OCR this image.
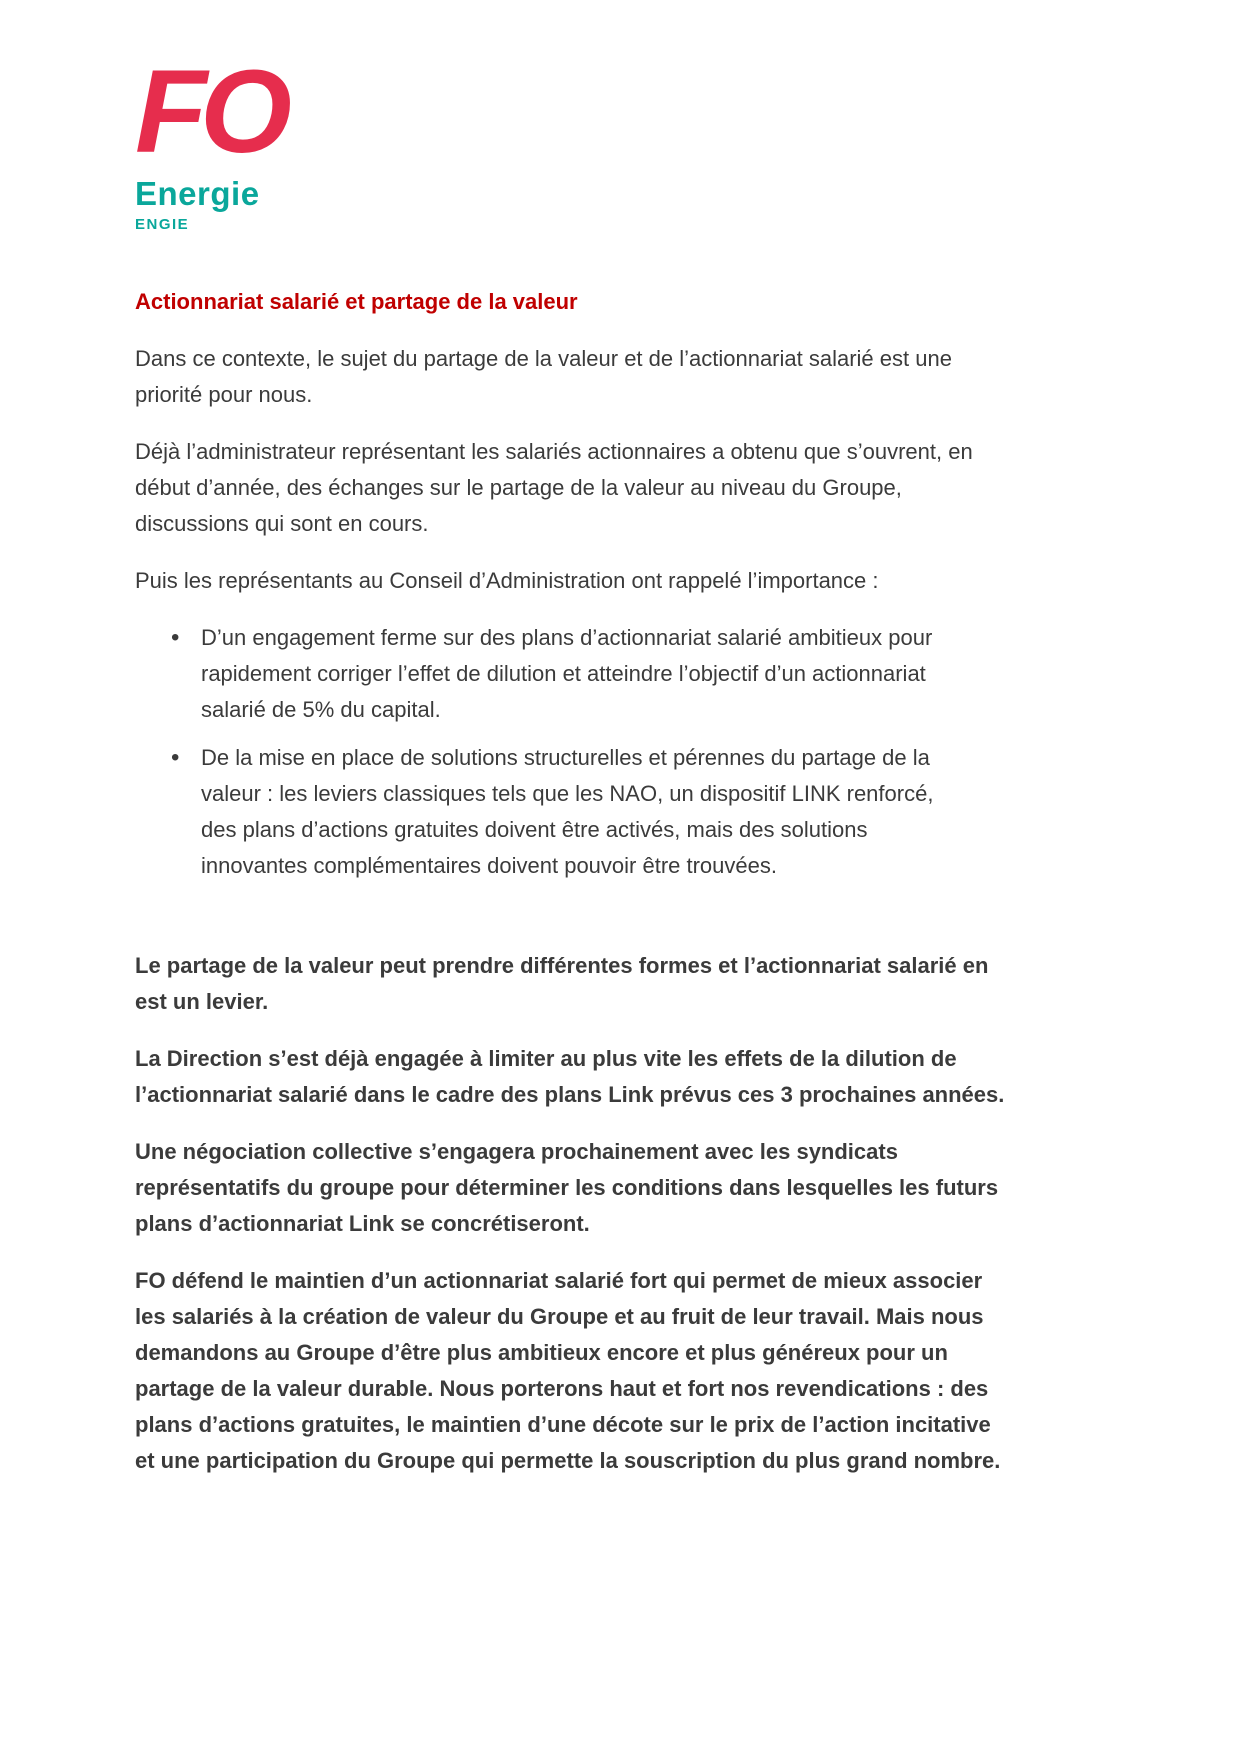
FO
Energie
ENGIE
Actionnariat salarié et partage de la valeur

Dans ce contexte, le sujet du partage de la valeur et de l’actionnariat salarié est une priorité pour nous.

Déjà l’administrateur représentant les salariés actionnaires a obtenu que s’ouvrent, en début d’année, des échanges sur le partage de la valeur au niveau du Groupe, discussions qui sont en cours.

Puis les représentants au Conseil d’Administration ont rappelé l’importance :

• D’un engagement ferme sur des plans d’actionnariat salarié ambitieux pour rapidement corriger l’effet de dilution et atteindre l’objectif d’un actionnariat salarié de 5% du capital.
• De la mise en place de solutions structurelles et pérennes du partage de la valeur : les leviers classiques tels que les NAO, un dispositif LINK renforcé, des plans d’actions gratuites doivent être activés, mais des solutions innovantes complémentaires doivent pouvoir être trouvées.

Le partage de la valeur peut prendre différentes formes et l’actionnariat salarié en est un levier.

La Direction s’est déjà engagée à limiter au plus vite les effets de la dilution de l’actionnariat salarié dans le cadre des plans Link prévus ces 3 prochaines années.

Une négociation collective s’engagera prochainement avec les syndicats représentatifs du groupe pour déterminer les conditions dans lesquelles les futurs plans d’actionnariat Link se concrétiseront.

FO défend le maintien d’un actionnariat salarié fort qui permet de mieux associer les salariés à la création de valeur du Groupe et au fruit de leur travail. Mais nous demandons au Groupe d’être plus ambitieux encore et plus généreux pour un partage de la valeur durable. Nous porterons haut et fort nos revendications : des plans d’actions gratuites, le maintien d’une décote sur le prix de l’action incitative et une participation du Groupe qui permette la souscription du plus grand nombre.
